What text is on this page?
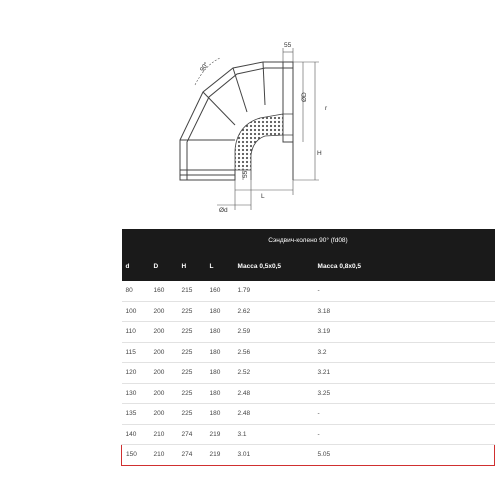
90°
55
ØD
r
H
55
L
Ød
Сэндвич-колено 90° (fd08)					
d	D	H	L	Масса 0,5х0,5	Масса 0,8х0,5
80	160	215	160	1.79	-
100	200	225	180	2.62	3.18
110	200	225	180	2.59	3.19
115	200	225	180	2.56	3.2
120	200	225	180	2.52	3.21
130	200	225	180	2.48	3.25
135	200	225	180	2.48	-
140	210	274	219	3.1	-
150	210	274	219	3.01	5.05
